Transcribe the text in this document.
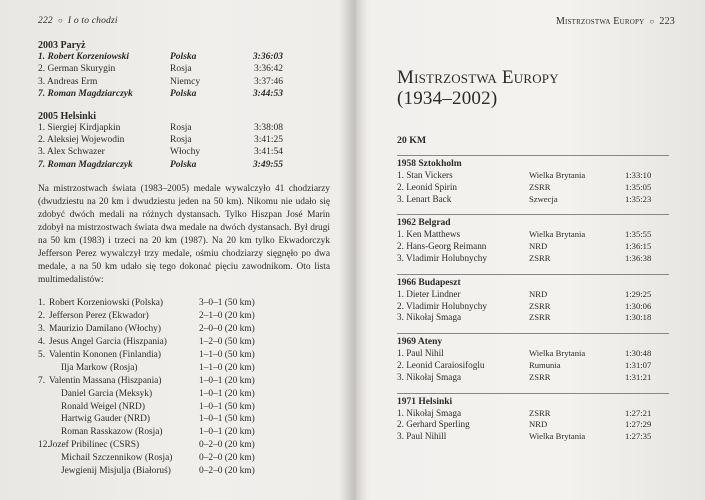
222 ○ I o to chodzi
2003 Paryż
1. Robert Korzeniowski	Polska	3:36:03
2. German Skurygin	Rosja	3:36:42
3. Andreas Erm	Niemcy	3:37:46
7. Roman Magdziarczyk	Polska	3:44:53
2005 Helsinki
1. Siergiej Kirdjapkin	Rosja	3:38:08
2. Aleksiej Wojewodin	Rosja	3:41:25
3. Alex Schwazer	Włochy	3:41:54
7. Roman Magdziarczyk	Polska	3:49:55
Na mistrzostwach świata (1983–2005) medale wywalczyło 41 chodziarzy (dwudziestu na 20 km i dwudziestu jeden na 50 km). Nikomu nie udało się zdobyć dwóch medali na różnych dystansach. Tylko Hiszpan José Marin zdobył na mistrzostwach świata dwa medale na dwóch dystansach. Był drugi na 50 km (1983) i trzeci na 20 km (1987). Na 20 km tylko Ekwadorczyk Jefferson Perez wywalczył trzy medale, ośmiu chodziarzy sięgnęło po dwa medale, a na 50 km udało się tego dokonać pięciu zawodnikom. Oto lista multimedalistów:
1. Robert Korzeniowski (Polska)	3–0–1 (50 km)
2. Jefferson Perez (Ekwador)	2–1–0 (20 km)
3. Maurizio Damilano (Włochy)	2–0–0 (20 km)
4. Jesus Angel Garcia (Hiszpania)	1–2–0 (50 km)
5. Valentin Kononen (Finlandia)	1–1–0 (50 km)
Ilja Markow (Rosja)	1–1–0 (20 km)
7. Valentin Massana (Hiszpania)	1–0–1 (20 km)
Daniel Garcia (Meksyk)	1–0–1 (20 km)
Ronald Weigel (NRD)	1–0–1 (50 km)
Hartwig Gauder (NRD)	1–0–1 (50 km)
Roman Rasskazow (Rosja)	1–0–1 (20 km)
12. Jozef Pribilinec (CSRS)	0–2–0 (20 km)
Michail Szczennikow (Rosja)	0–2–0 (20 km)
Jewgienij Misjulja (Białoruś)	0–2–0 (20 km)
Mistrzostwa Europy ○ 223
Mistrzostwa Europy
(1934–2002)
20 KM
1958 Sztokholm
1. Stan Vickers	Wielka Brytania	1:33:10
2. Leonid Spirin	ZSRR	1:35:05
3. Lenart Back	Szwecja	1:35:23
1962 Belgrad
1. Ken Matthews	Wielka Brytania	1:35:55
2. Hans-Georg Reimann	NRD	1:36:15
3. Vladimir Holubnychy	ZSRR	1:36:38
1966 Budapeszt
1. Dieter Lindner	NRD	1:29:25
2. Vladimir Holubnychy	ZSRR	1:30:06
3. Nikołaj Smaga	ZSRR	1:30:18
1969 Ateny
1. Paul Nihil	Wielka Brytania	1:30:48
2. Leonid Caraiosifoglu	Rumunia	1:31:07
3. Nikołaj Smaga	ZSRR	1:31:21
1971 Helsinki
1. Nikołaj Smaga	ZSRR	1:27:21
2. Gerhard Sperling	NRD	1:27:29
3. Paul Nihill	Wielka Brytania	1:27:35
